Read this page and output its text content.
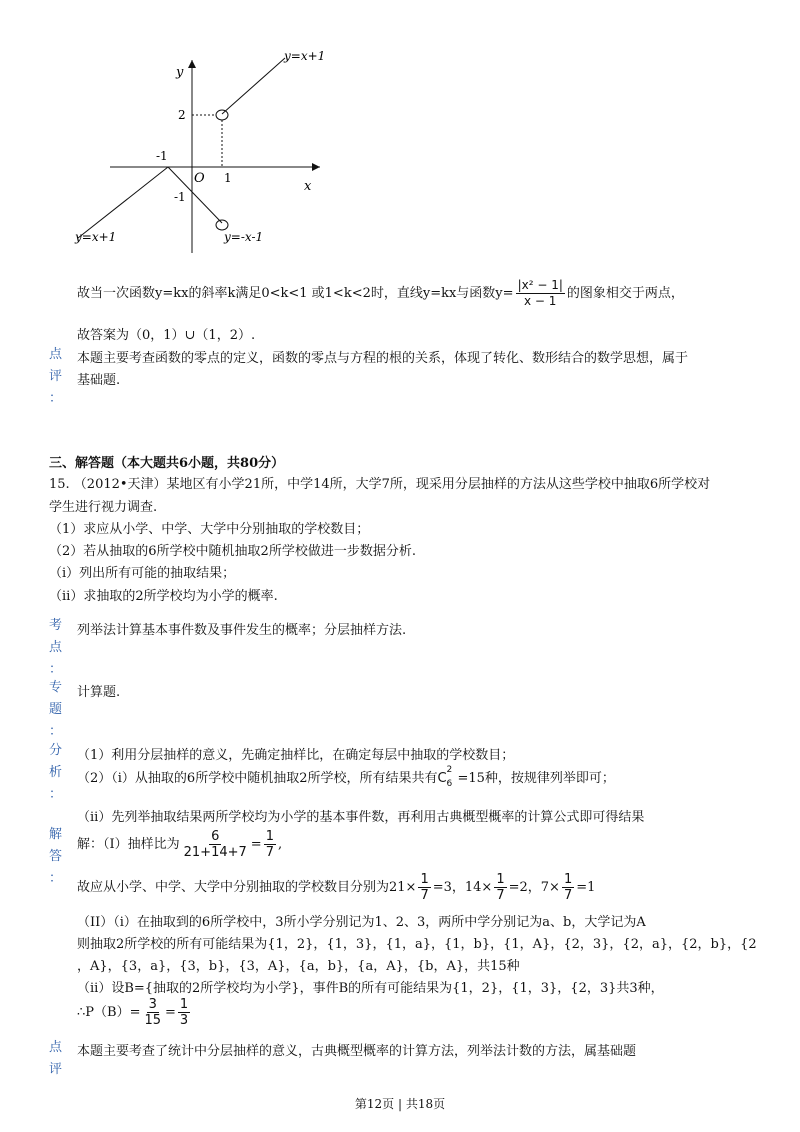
y
x
O
-1
-1
1
2
y=x+1
y=x+1	y=-x-1
故当一次函数y=kx的斜率k满足0<k<1 或1<k<2时，直线y=kx与函数$y= \frac{\text{|x² − 1|}}{x - 1}$ 的图象相交于两点，
故答案为（0，1）∪（1，2）.
点
评
：
本题主要考查函数的零点的定义，函数的零点与方程的根的关系，体现了转化、数形结合的数学思想，属于
基础题.
三、解答题（本大题共6小题，共80分）
15. （2012•天津）某地区有小学21所，中学14所，大学7所，现采用分层抽样的方法从这些学校中抽取6所学校对
学生进行视力调查.
（1）求应从小学、中学、大学中分别抽取的学校数目；
（2）若从抽取的6所学校中随机抽取2所学校做进一步数据分析.
（ⅰ）列出所有可能的抽取结果；
（ⅱ）求抽取的2所学校均为小学的概率.
考
点
：
列举法计算基本事件数及事件发生的概率；分层抽样方法.
专
题
：
计算题.
分
析
：
（1）利用分层抽样的意义，先确定抽样比，在确定每层中抽取的学校数目；
（2）（i）从抽取的6所学校中随机抽取2所学校，所有结果共有C
2
6 =15种，按规律列举即可；
（ii）先列举抽取结果两所学校均为小学的基本事件数，再利用古典概型概率的计算公式即可得结果
解
答
：
解：（I）抽样比为 $\frac{6}{21+14+7} = \frac{1}{7}$ ,
故应从小学、中学、大学中分别抽取的学校数目分别为$21\times \frac{1}{7} =3$，$14\times \frac{1}{7} =2$，$7\times \frac{1}{7} =1$
（II）（i）在抽取到的6所学校中，3所小学分别记为1、2、3，两所中学分别记为a、b，大学记为A
则抽取2所学校的所有可能结果为{1，2}，{1，3}，{1，a}，{1，b}，{1，A}，{2，3}，{2，a}，{2，b}，{2
，A}，{3，a}，{3，b}，{3，A}，{a，b}，{a，A}，{b，A}，共15种
（ii）设B={抽取的2所学校均为小学}，事件B的所有可能结果为{1，2}，{1，3}，{2，3}共3种，
∴P（B）= $\frac{3}{15} = \frac{1}{3}$
点
评
本题主要考查了统计中分层抽样的意义，古典概型概率的计算方法，列举法计数的方法，属基础题
第12页 | 共18页
